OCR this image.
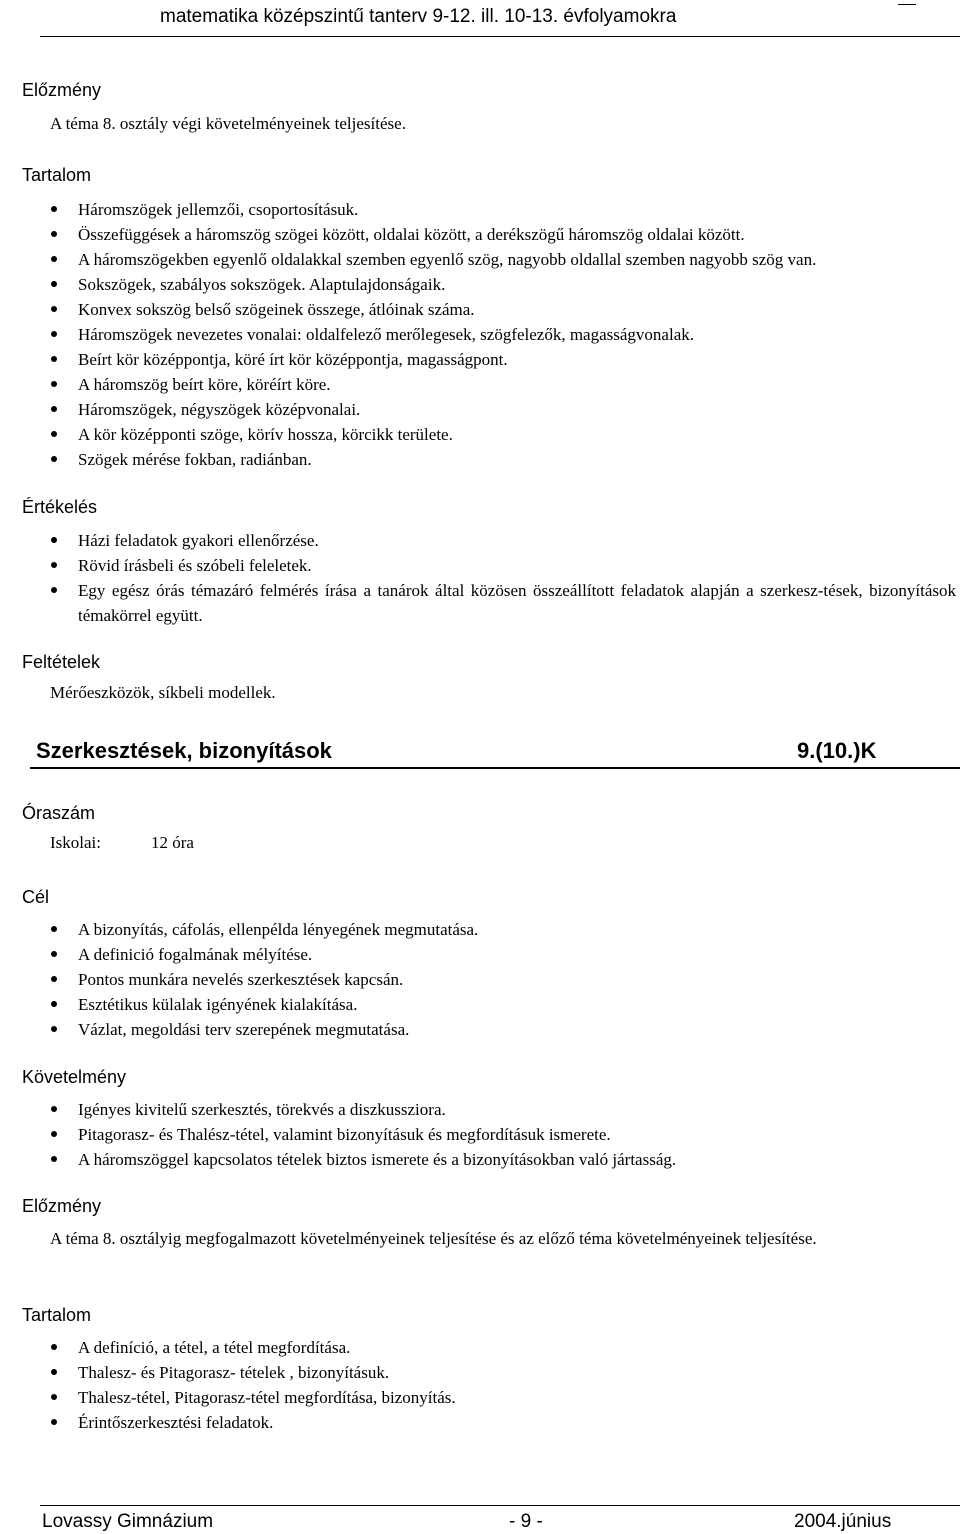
matematika középszintű tanterv 9-12. ill. 10-13. évfolyamokra
Előzmény
A téma 8. osztály végi követelményeinek teljesítése.
Tartalom
Háromszögek jellemzői, csoportosításuk.
Összefüggések a háromszög szögei között, oldalai között, a derékszögű háromszög oldalai között.
A háromszögekben egyenlő oldalakkal szemben egyenlő szög, nagyobb oldallal szemben nagyobb szög van.
Sokszögek, szabályos sokszögek. Alaptulajdonságaik.
Konvex sokszög belső szögeinek összege, átlóinak száma.
Háromszögek nevezetes vonalai: oldalfelező merőlegesek, szögfelezők, magasságvonalak.
Beírt kör középpontja, köré írt kör középpontja, magasságpont.
A háromszög beírt köre, köréírt köre.
Háromszögek, négyszögek középvonalai.
A kör középponti szöge, körív hossza, körcikk területe.
Szögek mérése fokban, radiánban.
Értékelés
Házi feladatok gyakori ellenőrzése.
Rövid írásbeli és szóbeli feleletek.
Egy egész órás témazáró felmérés írása a tanárok által közösen összeállított feladatok alapján a szerkesz-tések, bizonyítások témakörrel együtt.
Feltételek
Mérőeszközök, síkbeli modellek.
Szerkesztések, bizonyítások	9.(10.)K
Óraszám
Iskolai:	12 óra
Cél
A bizonyítás, cáfolás, ellenpélda lényegének megmutatása.
A definició fogalmának mélyítése.
Pontos munkára nevelés szerkesztések kapcsán.
Esztétikus külalak igényének kialakítása.
Vázlat, megoldási terv szerepének megmutatása.
Követelmény
Igényes kivitelű szerkesztés, törekvés a diszkussziora.
Pitagorasz- és Thalész-tétel, valamint bizonyításuk és megfordításuk ismerete.
A háromszöggel kapcsolatos tételek biztos ismerete és a bizonyításokban való jártasság.
Előzmény
A téma 8. osztályig megfogalmazott követelményeinek teljesítése és az előző téma követelményeinek teljesítése.
Tartalom
A definíció, a tétel, a tétel megfordítása.
Thalesz- és Pitagorasz- tételek , bizonyításuk.
Thalesz-tétel, Pitagorasz-tétel megfordítása, bizonyítás.
Érintőszerkesztési feladatok.
Lovassy Gimnázium	- 9 -	2004.június
